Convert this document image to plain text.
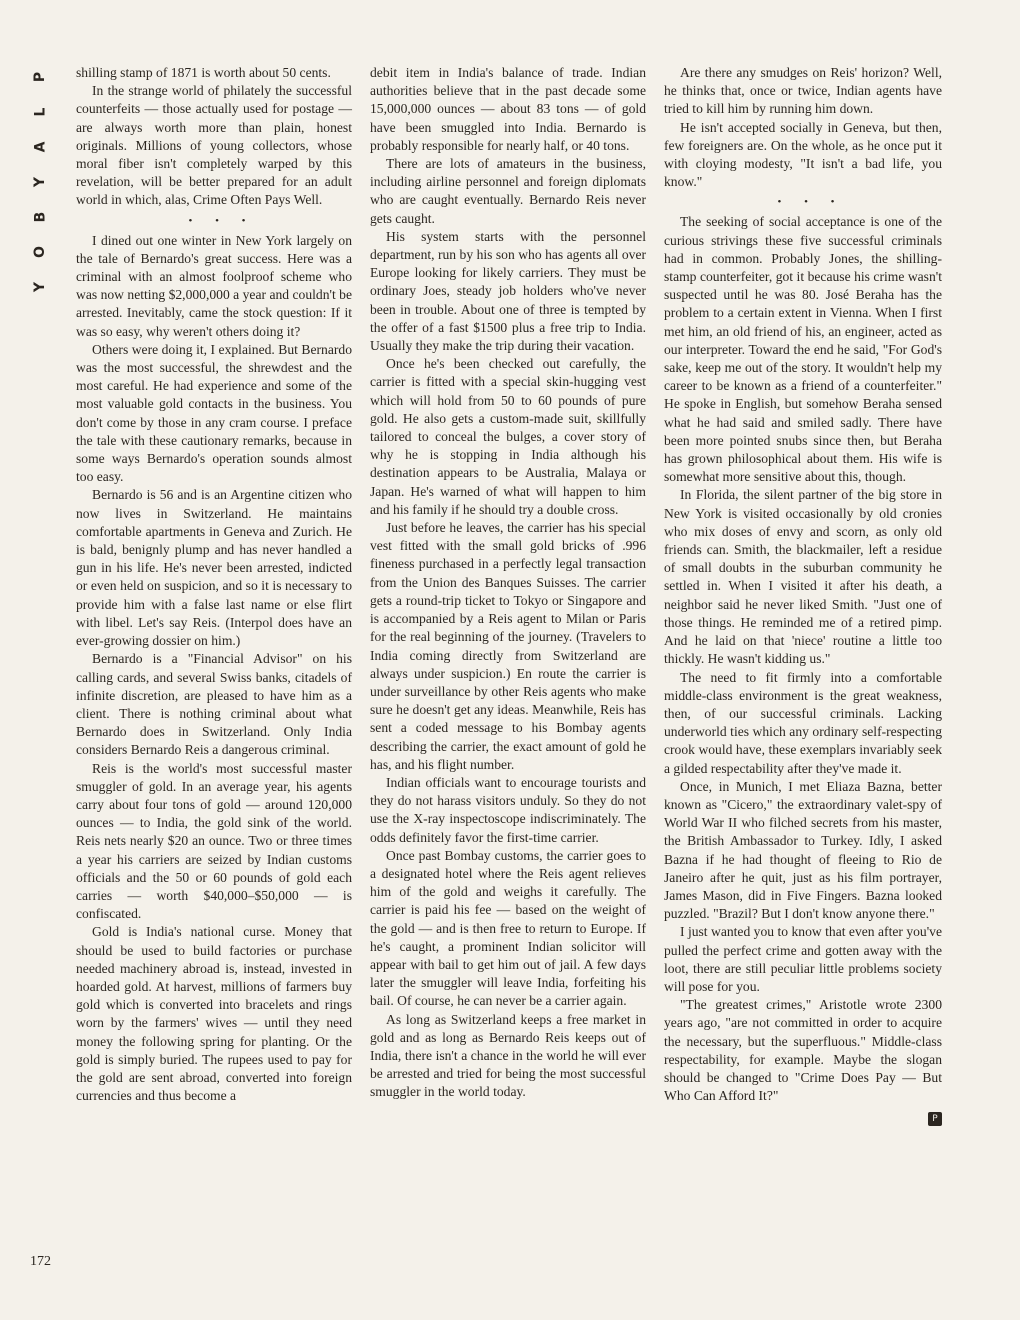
P
L
A
Y
B
O
Y

shilling stamp of 1871 is worth about 50 cents.

In the strange world of philately the successful counterfeits — those actually used for postage — are always worth more than plain, honest originals. Millions of young collectors, whose moral fiber isn't completely warped by this revelation, will be better prepared for an adult world in which, alas, Crime Often Pays Well.

• • •

I dined out one winter in New York largely on the tale of Bernardo's great success. Here was a criminal with an almost foolproof scheme who was now netting $2,000,000 a year and couldn't be arrested. Inevitably, came the stock question: If it was so easy, why weren't others doing it?

Others were doing it, I explained. But Bernardo was the most successful, the shrewdest and the most careful. He had experience and some of the most valuable gold contacts in the business. You don't come by those in any cram course. I preface the tale with these cautionary remarks, because in some ways Bernardo's operation sounds almost too easy.

Bernardo is 56 and is an Argentine citizen who now lives in Switzerland. He maintains comfortable apartments in Geneva and Zurich. He is bald, benignly plump and has never handled a gun in his life. He's never been arrested, indicted or even held on suspicion, and so it is necessary to provide him with a false last name or else flirt with libel. Let's say Reis. (Interpol does have an ever-growing dossier on him.)

Bernardo is a "Financial Advisor" on his calling cards, and several Swiss banks, citadels of infinite discretion, are pleased to have him as a client. There is nothing criminal about what Bernardo does in Switzerland. Only India considers Bernardo Reis a dangerous criminal.

Reis is the world's most successful master smuggler of gold. In an average year, his agents carry about four tons of gold — around 120,000 ounces — to India, the gold sink of the world. Reis nets nearly $20 an ounce. Two or three times a year his carriers are seized by Indian customs officials and the 50 or 60 pounds of gold each carries — worth $40,000–$50,000 — is confiscated.

Gold is India's national curse. Money that should be used to build factories or purchase needed machinery abroad is, instead, invested in hoarded gold. At harvest, millions of farmers buy gold which is converted into bracelets and rings worn by the farmers' wives — until they need money the following spring for planting. Or the gold is simply buried. The rupees used to pay for the gold are sent abroad, converted into foreign currencies and thus become a

debit item in India's balance of trade. Indian authorities believe that in the past decade some 15,000,000 ounces — about 83 tons — of gold have been smuggled into India. Bernardo is probably responsible for nearly half, or 40 tons.

There are lots of amateurs in the business, including airline personnel and foreign diplomats who are caught eventually. Bernardo Reis never gets caught.

His system starts with the personnel department, run by his son who has agents all over Europe looking for likely carriers. They must be ordinary Joes, steady job holders who've never been in trouble. About one of three is tempted by the offer of a fast $1500 plus a free trip to India. Usually they make the trip during their vacation.

Once he's been checked out carefully, the carrier is fitted with a special skin-hugging vest which will hold from 50 to 60 pounds of pure gold. He also gets a custom-made suit, skillfully tailored to conceal the bulges, a cover story of why he is stopping in India although his destination appears to be Australia, Malaya or Japan. He's warned of what will happen to him and his family if he should try a double cross.

Just before he leaves, the carrier has his special vest fitted with the small gold bricks of .996 fineness purchased in a perfectly legal transaction from the Union des Banques Suisses. The carrier gets a round-trip ticket to Tokyo or Singapore and is accompanied by a Reis agent to Milan or Paris for the real beginning of the journey. (Travelers to India coming directly from Switzerland are always under suspicion.) En route the carrier is under surveillance by other Reis agents who make sure he doesn't get any ideas. Meanwhile, Reis has sent a coded message to his Bombay agents describing the carrier, the exact amount of gold he has, and his flight number.

Indian officials want to encourage tourists and they do not harass visitors unduly. So they do not use the X-ray inspectoscope indiscriminately. The odds definitely favor the first-time carrier.

Once past Bombay customs, the carrier goes to a designated hotel where the Reis agent relieves him of the gold and weighs it carefully. The carrier is paid his fee — based on the weight of the gold — and is then free to return to Europe. If he's caught, a prominent Indian solicitor will appear with bail to get him out of jail. A few days later the smuggler will leave India, forfeiting his bail. Of course, he can never be a carrier again.

As long as Switzerland keeps a free market in gold and as long as Bernardo Reis keeps out of India, there isn't a chance in the world he will ever be arrested and tried for being the most successful smuggler in the world today.

Are there any smudges on Reis' horizon? Well, he thinks that, once or twice, Indian agents have tried to kill him by running him down.

He isn't accepted socially in Geneva, but then, few foreigners are. On the whole, as he once put it with cloying modesty, "It isn't a bad life, you know."

• • •

The seeking of social acceptance is one of the curious strivings these five successful criminals had in common. Probably Jones, the shilling-stamp counterfeiter, got it because his crime wasn't suspected until he was 80. José Beraha has the problem to a certain extent in Vienna. When I first met him, an old friend of his, an engineer, acted as our interpreter. Toward the end he said, "For God's sake, keep me out of the story. It wouldn't help my career to be known as a friend of a counterfeiter." He spoke in English, but somehow Beraha sensed what he had said and smiled sadly. There have been more pointed snubs since then, but Beraha has grown philosophical about them. His wife is somewhat more sensitive about this, though.

In Florida, the silent partner of the big store in New York is visited occasionally by old cronies who mix doses of envy and scorn, as only old friends can. Smith, the blackmailer, left a residue of small doubts in the suburban community he settled in. When I visited it after his death, a neighbor said he never liked Smith. "Just one of those things. He reminded me of a retired pimp. And he laid on that 'niece' routine a little too thickly. He wasn't kidding us."

The need to fit firmly into a comfortable middle-class environment is the great weakness, then, of our successful criminals. Lacking underworld ties which any ordinary self-respecting crook would have, these exemplars invariably seek a gilded respectability after they've made it.

Once, in Munich, I met Eliaza Bazna, better known as "Cicero," the extraordinary valet-spy of World War II who filched secrets from his master, the British Ambassador to Turkey. Idly, I asked Bazna if he had thought of fleeing to Rio de Janeiro after he quit, just as his film portrayer, James Mason, did in Five Fingers. Bazna looked puzzled. "Brazil? But I don't know anyone there."

I just wanted you to know that even after you've pulled the perfect crime and gotten away with the loot, there are still peculiar little problems society will pose for you.

"The greatest crimes," Aristotle wrote 2300 years ago, "are not committed in order to acquire the necessary, but the superfluous." Middle-class respectability, for example. Maybe the slogan should be changed to "Crime Does Pay — But Who Can Afford It?"

P
172
